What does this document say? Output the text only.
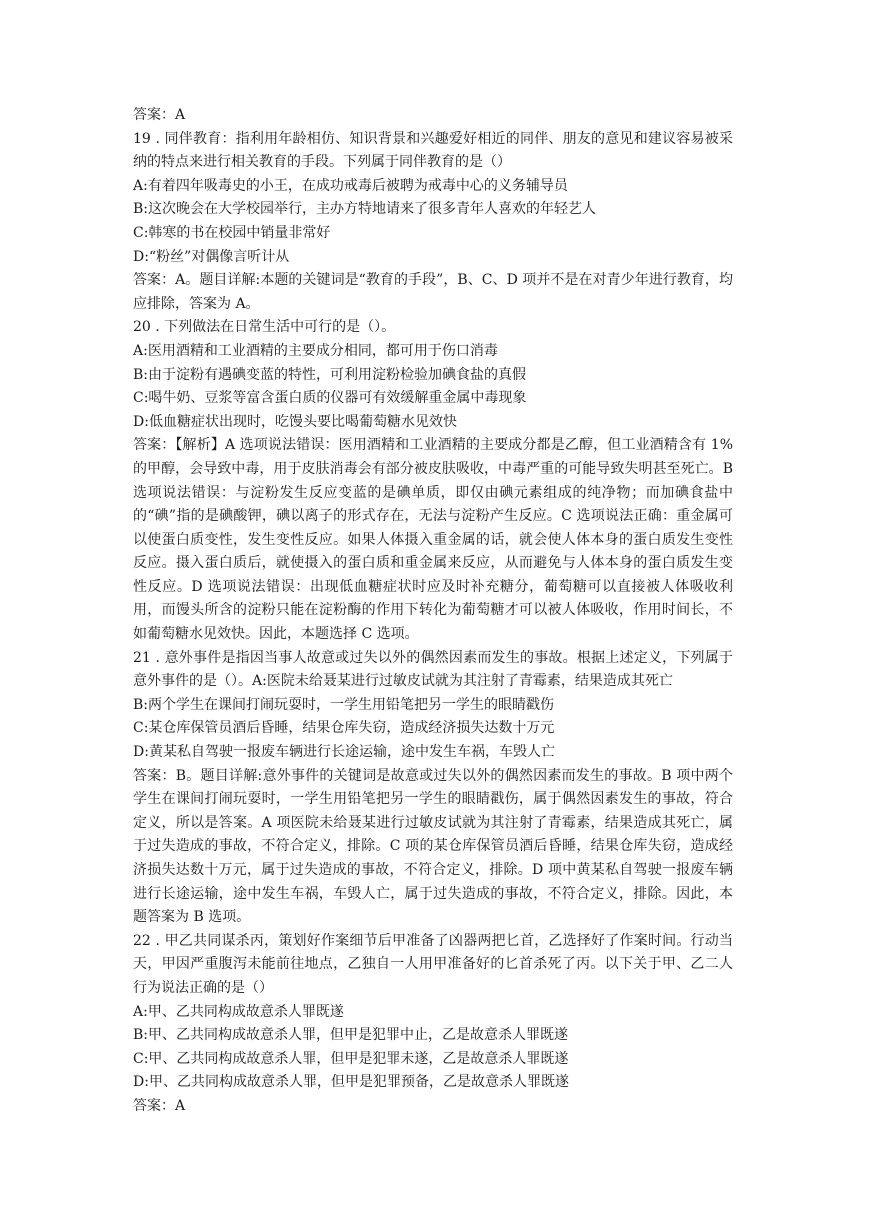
答案：A
19 . 同伴教育：指利用年龄相仿、知识背景和兴趣爱好相近的同伴、朋友的意见和建议容易被采纳的特点来进行相关教育的手段。下列属于同伴教育的是（）
A:有着四年吸毒史的小王，在成功戒毒后被聘为戒毒中心的义务辅导员
B:这次晚会在大学校园举行，主办方特地请来了很多青年人喜欢的年轻艺人
C:韩寒的书在校园中销量非常好
D:“粉丝”对偶像言听计从
答案：A。题目详解:本题的关键词是“教育的手段”，B、C、D 项并不是在对青少年进行教育，均应排除，答案为 A。
20 . 下列做法在日常生活中可行的是（）。
A:医用酒精和工业酒精的主要成分相同，都可用于伤口消毒
B:由于淀粉有遇碘变蓝的特性，可利用淀粉检验加碘食盐的真假
C:喝牛奶、豆浆等富含蛋白质的仪器可有效缓解重金属中毒现象
D:低血糖症状出现时，吃馒头要比喝葡萄糖水见效快
答案：【解析】A 选项说法错误：医用酒精和工业酒精的主要成分都是乙醇，但工业酒精含有 1%的甲醇，会导致中毒，用于皮肤消毒会有部分被皮肤吸收，中毒严重的可能导致失明甚至死亡。B 选项说法错误：与淀粉发生反应变蓝的是碘单质，即仅由碘元素组成的纯净物；而加碘食盐中的“碘”指的是碘酸钾，碘以离子的形式存在，无法与淀粉产生反应。C 选项说法正确：重金属可以使蛋白质变性，发生变性反应。如果人体摄入重金属的话，就会使人体本身的蛋白质发生变性反应。摄入蛋白质后，就使摄入的蛋白质和重金属来反应，从而避免与人体本身的蛋白质发生变性反应。D 选项说法错误：出现低血糖症状时应及时补充糖分，葡萄糖可以直接被人体吸收利用，而馒头所含的淀粉只能在淀粉酶的作用下转化为葡萄糖才可以被人体吸收，作用时间长，不如葡萄糖水见效快。因此，本题选择 C 选项。
21 . 意外事件是指因当事人故意或过失以外的偶然因素而发生的事故。根据上述定义，下列属于意外事件的是（）。A:医院未给聂某进行过敏皮试就为其注射了青霉素，结果造成其死亡
B:两个学生在课间打闹玩耍时，一学生用铅笔把另一学生的眼睛戳伤
C:某仓库保管员酒后昏睡，结果仓库失窃，造成经济损失达数十万元
D:黄某私自驾驶一报废车辆进行长途运输，途中发生车祸，车毁人亡
答案：B。题目详解:意外事件的关键词是故意或过失以外的偶然因素而发生的事故。B 项中两个学生在课间打闹玩耍时，一学生用铅笔把另一学生的眼睛戳伤，属于偶然因素发生的事故，符合定义，所以是答案。A 项医院未给聂某进行过敏皮试就为其注射了青霉素，结果造成其死亡，属于过失造成的事故，不符合定义，排除。C 项的某仓库保管员酒后昏睡，结果仓库失窃，造成经济损失达数十万元，属于过失造成的事故，不符合定义，排除。D 项中黄某私自驾驶一报废车辆进行长途运输，途中发生车祸，车毁人亡，属于过失造成的事故，不符合定义，排除。因此，本题答案为 B 选项。
22 . 甲乙共同谋杀丙，策划好作案细节后甲准备了凶器两把匕首，乙选择好了作案时间。行动当天，甲因严重腹泻未能前往地点，乙独自一人用甲准备好的匕首杀死了丙。以下关于甲、乙二人行为说法正确的是（）
A:甲、乙共同构成故意杀人罪既遂
B:甲、乙共同构成故意杀人罪，但甲是犯罪中止，乙是故意杀人罪既遂
C:甲、乙共同构成故意杀人罪，但甲是犯罪未遂，乙是故意杀人罪既遂
D:甲、乙共同构成故意杀人罪，但甲是犯罪预备，乙是故意杀人罪既遂
答案：A
